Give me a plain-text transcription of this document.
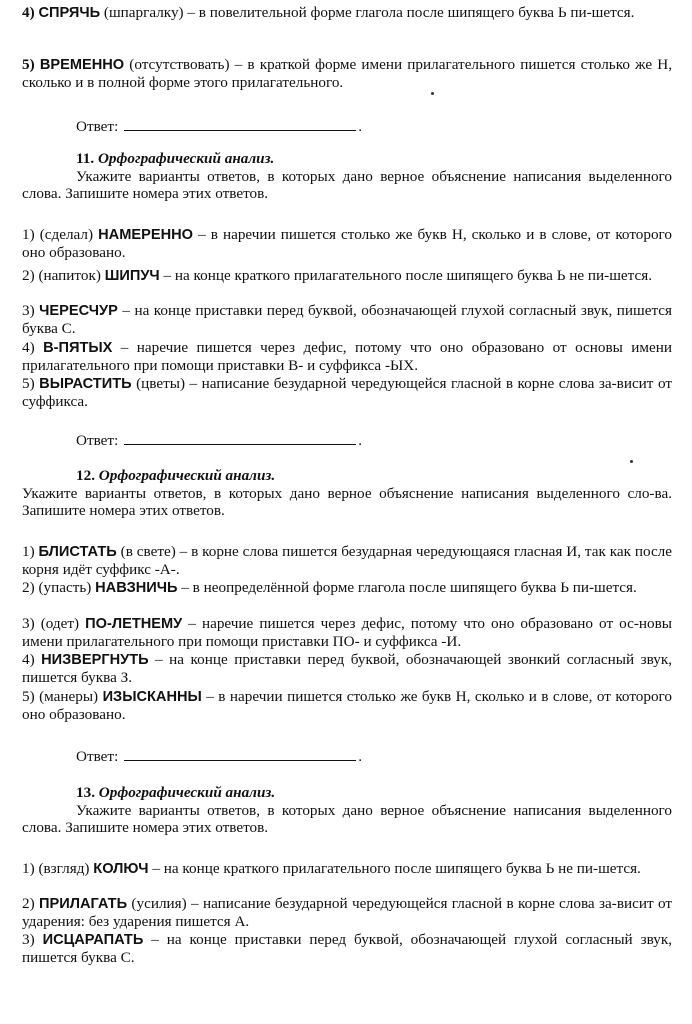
4) СПРЯЧЬ (шпаргалку) – в повелительной форме глагола после шипящего буква Ь пи-шется.

5) ВРЕМЕННО (отсутствовать) – в краткой форме имени прилагательного пишется столько же Н, сколько и в полной форме этого прилагательного.

Ответ:	.
11. Орфографический анализ.

Укажите варианты ответов, в которых дано верное объяснение написания выделенного слова. Запишите номера этих ответов.

1) (сделал) НАМЕРЕННО – в наречии пишется столько же букв Н, сколько и в слове, от которого оно образовано.

2) (напиток) ШИПУЧ – на конце краткого прилагательного после шипящего буква Ь не пи-шется.

3) ЧЕРЕСЧУР – на конце приставки перед буквой, обозначающей глухой согласный звук, пишется буква С.

4) В-ПЯТЫХ – наречие пишется через дефис, потому что оно образовано от основы имени прилагательного при помощи приставки В- и суффикса -ЫХ.

5) ВЫРАСТИТЬ (цветы) – написание безударной чередующейся гласной в корне слова за-висит от суффикса.

Ответ:	.
12. Орфографический анализ.

Укажите варианты ответов, в которых дано верное объяснение написания выделенного сло-ва. Запишите номера этих ответов.

1) БЛИСТАТЬ (в свете) – в корне слова пишется безударная чередующаяся гласная И, так как после корня идёт суффикс -А-.

2) (упасть) НАВЗНИЧЬ – в неопределённой форме глагола после шипящего буква Ь пи-шется.

3) (одет) ПО-ЛЕТНЕМУ – наречие пишется через дефис, потому что оно образовано от ос-новы имени прилагательного при помощи приставки ПО- и суффикса -И.

4) НИЗВЕРГНУТЬ – на конце приставки перед буквой, обозначающей звонкий согласный звук, пишется буква З.

5) (манеры) ИЗЫСКАННЫ – в наречии пишется столько же букв Н, сколько и в слове, от которого оно образовано.

Ответ:	.
13. Орфографический анализ.

Укажите варианты ответов, в которых дано верное объяснение написания выделенного слова. Запишите номера этих ответов.

1) (взгляд) КОЛЮЧ – на конце краткого прилагательного после шипящего буква Ь не пи-шется.

2) ПРИЛАГАТЬ (усилия) – написание безударной чередующейся гласной в корне слова за-висит от ударения: без ударения пишется А.

3) ИСЦАРАПАТЬ – на конце приставки перед буквой, обозначающей глухой согласный звук, пишется буква С.
